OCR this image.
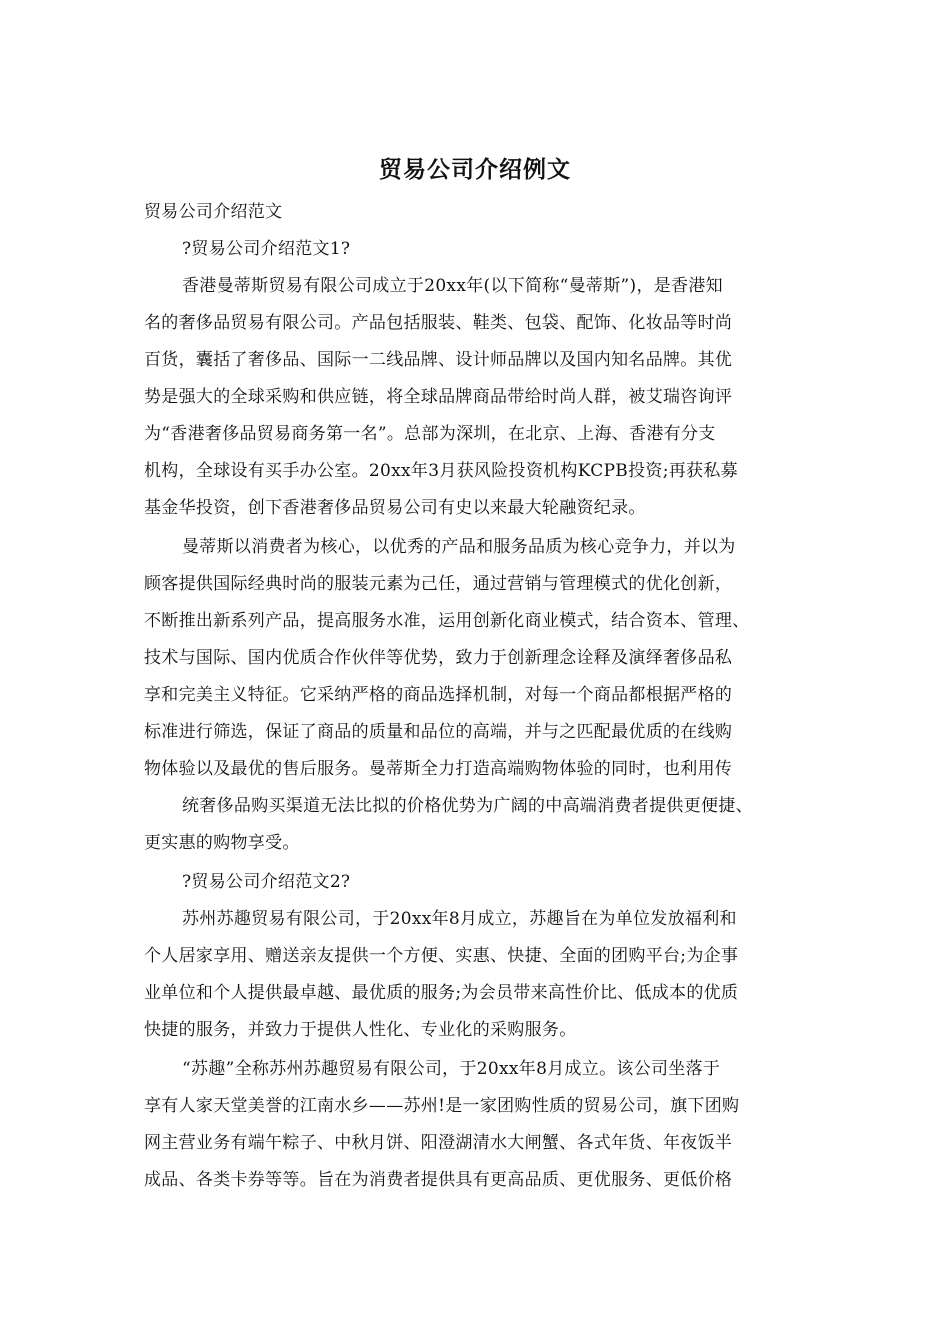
贸易公司介绍例文
贸易公司介绍范文
?贸易公司介绍范文1?
香港曼蒂斯贸易有限公司成立于20xx年(以下简称“曼蒂斯”)，是香港知
名的奢侈品贸易有限公司。产品包括服装、鞋类、包袋、配饰、化妆品等时尚
百货，囊括了奢侈品、国际一二线品牌、设计师品牌以及国内知名品牌。其优
势是强大的全球采购和供应链，将全球品牌商品带给时尚人群，被艾瑞咨询评
为“香港奢侈品贸易商务第一名”。总部为深圳，在北京、上海、香港有分支
机构，全球设有买手办公室。20xx年3月获风险投资机构KCPB投资;再获私募
基金华投资，创下香港奢侈品贸易公司有史以来最大轮融资纪录。
曼蒂斯以消费者为核心，以优秀的产品和服务品质为核心竞争力，并以为
顾客提供国际经典时尚的服装元素为己任，通过营销与管理模式的优化创新，
不断推出新系列产品，提高服务水准，运用创新化商业模式，结合资本、管理、
技术与国际、国内优质合作伙伴等优势，致力于创新理念诠释及演绎奢侈品私
享和完美主义特征。它采纳严格的商品选择机制，对每一个商品都根据严格的
标准进行筛选，保证了商品的质量和品位的高端，并与之匹配最优质的在线购
物体验以及最优的售后服务。曼蒂斯全力打造高端购物体验的同时，也利用传
统奢侈品购买渠道无法比拟的价格优势为广阔的中高端消费者提供更便捷、
更实惠的购物享受。
?贸易公司介绍范文2?
苏州苏趣贸易有限公司，于20xx年8月成立，苏趣旨在为单位发放福利和
个人居家享用、赠送亲友提供一个方便、实惠、快捷、全面的团购平台;为企事
业单位和个人提供最卓越、最优质的服务;为会员带来高性价比、低成本的优质
快捷的服务，并致力于提供人性化、专业化的采购服务。
“苏趣”全称苏州苏趣贸易有限公司，于20xx年8月成立。该公司坐落于
享有人家天堂美誉的江南水乡——苏州!是一家团购性质的贸易公司，旗下团购
网主营业务有端午粽子、中秋月饼、阳澄湖清水大闸蟹、各式年货、年夜饭半
成品、各类卡券等等。旨在为消费者提供具有更高品质、更优服务、更低价格
